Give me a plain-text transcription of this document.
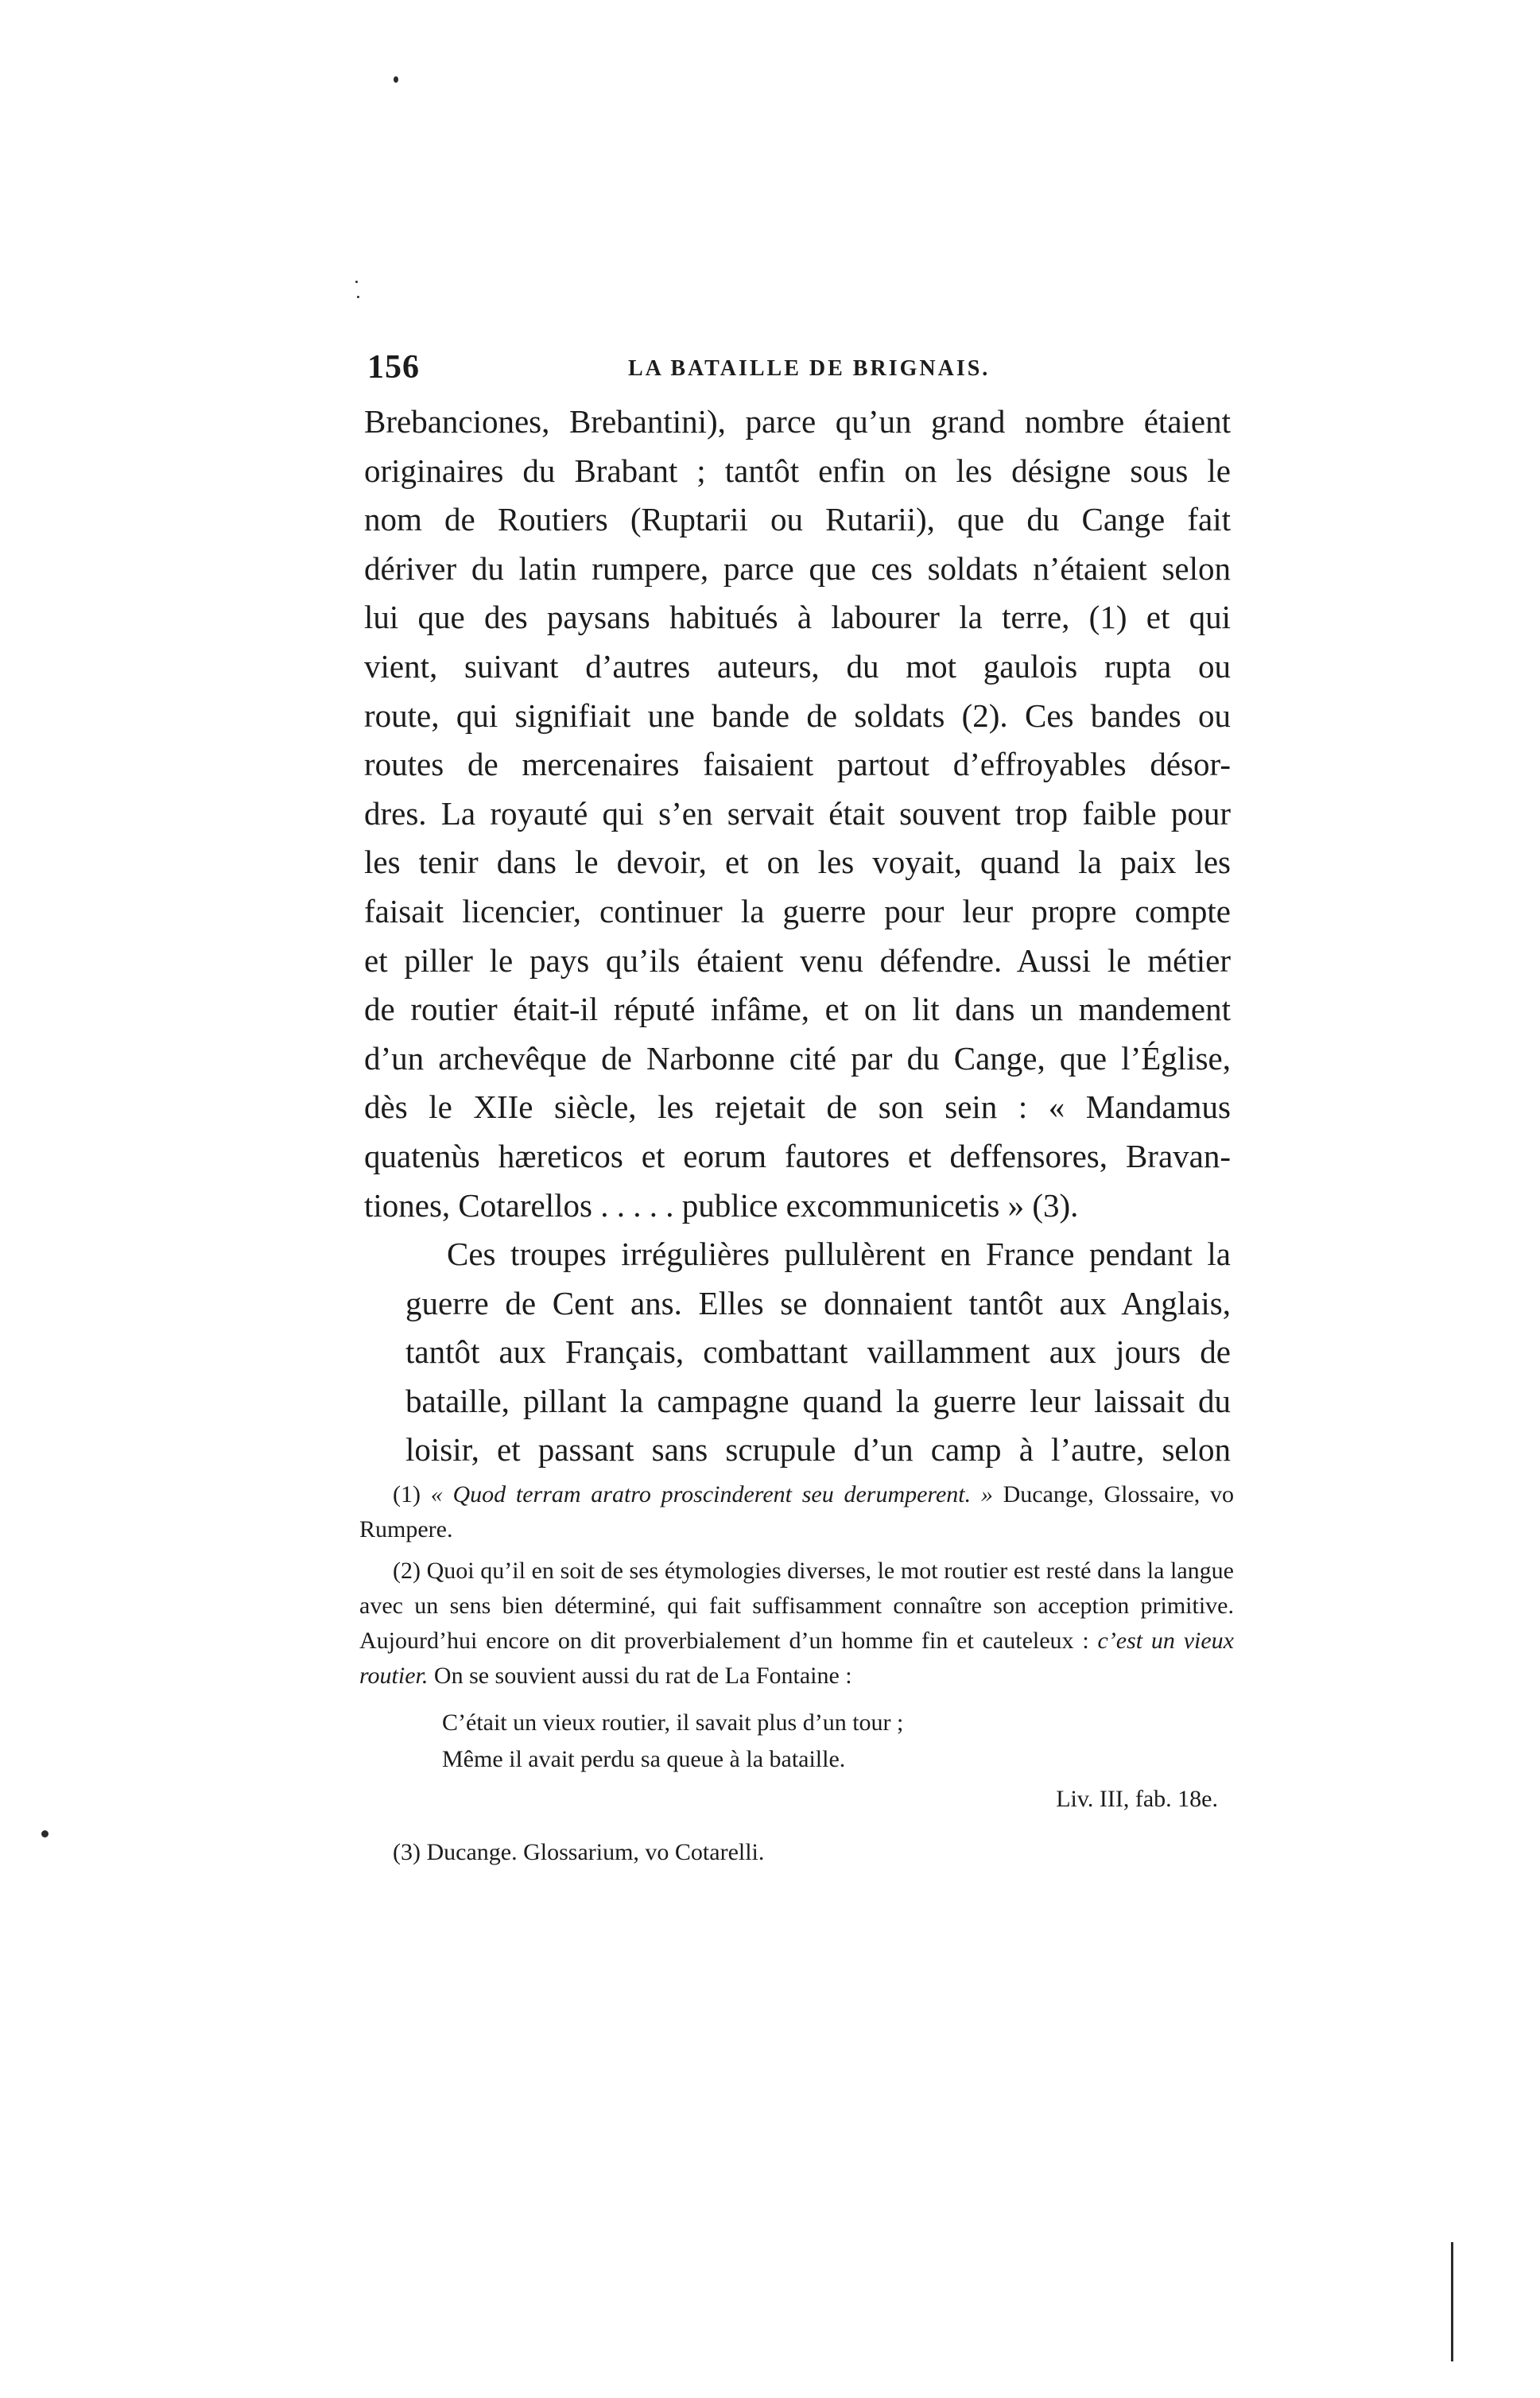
156	LA BATAILLE DE BRIGNAIS.

Brebanciones, Brebantini), parce qu’un grand nombre étaient
originaires du Brabant ; tantôt enfin on les désigne sous le
nom de Routiers (Ruptarii ou Rutarii), que du Cange fait
dériver du latin rumpere, parce que ces soldats n’étaient selon
lui que des paysans habitués à labourer la terre, (1) et qui
vient, suivant d’autres auteurs, du mot gaulois rupta ou
route, qui signifiait une bande de soldats (2). Ces bandes ou
routes de mercenaires faisaient partout d’effroyables désor-
dres. La royauté qui s’en servait était souvent trop faible pour
les tenir dans le devoir, et on les voyait, quand la paix les
faisait licencier, continuer la guerre pour leur propre compte
et piller le pays qu’ils étaient venu défendre. Aussi le métier
de routier était-il réputé infâme, et on lit dans un mandement
d’un archevêque de Narbonne cité par du Cange, que l’Église,
dès le XIIe siècle, les rejetait de son sein : « Mandamus
quatenùs hæreticos et eorum fautores et deffensores, Bravan-
tiones, Cotarellos . . . . . publice excommunicetis » (3).

Ces troupes irrégulières pullulèrent en France pendant la
guerre de Cent ans. Elles se donnaient tantôt aux Anglais,
tantôt aux Français, combattant vaillamment aux jours de
bataille, pillant la campagne quand la guerre leur laissait du
loisir, et passant sans scrupule d’un camp à l’autre, selon

(1) « Quod terram aratro proscinderent seu derumperent. » Ducange, Glossaire, vo Rumpere.

(2) Quoi qu’il en soit de ses étymologies diverses, le mot routier est resté dans la langue avec un sens bien déterminé, qui fait suffisamment connaître son acception primitive. Aujourd’hui encore on dit proverbialement d’un homme fin et cauteleux : c’est un vieux routier. On se souvient aussi du rat de La Fontaine :

C’était un vieux routier, il savait plus d’un tour ;
Même il avait perdu sa queue à la bataille.
Liv. III, fab. 18e.

(3) Ducange. Glossarium, vo Cotarelli.
